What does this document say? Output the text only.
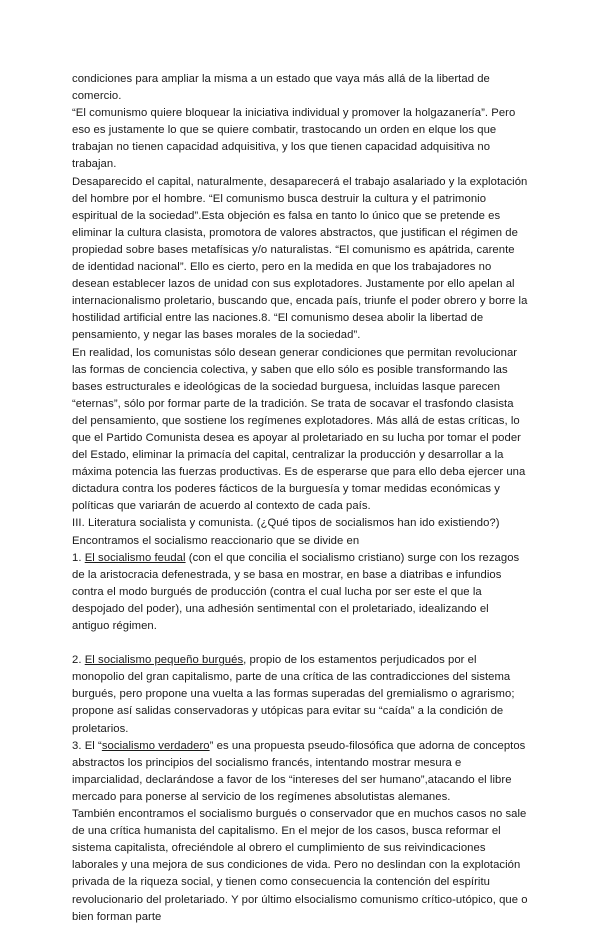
condiciones para ampliar la misma a un estado que vaya más allá de la libertad de comercio.

“El comunismo quiere bloquear la iniciativa individual y promover la holgazanería”. Pero eso es justamente lo que se quiere combatir, trastocando un orden en elque los que trabajan no tienen capacidad adquisitiva, y los que tienen capacidad adquisitiva no trabajan.

Desaparecido el capital, naturalmente, desaparecerá el trabajo asalariado y la explotación del hombre por el hombre. “El comunismo busca destruir la cultura y el patrimonio espiritual de la sociedad”.Esta objeción es falsa en tanto lo único que se pretende es eliminar la cultura clasista, promotora de valores abstractos, que justifican el régimen de propiedad sobre bases metafísicas y/o naturalistas. “El comunismo es apátrida, carente de identidad nacional”. Ello es cierto, pero en la medida en que los trabajadores no desean establecer lazos de unidad con sus explotadores. Justamente por ello apelan al internacionalismo proletario, buscando que, encada país, triunfe el poder obrero y borre la hostilidad artificial entre las naciones.8. “El comunismo desea abolir la libertad de pensamiento, y negar las bases morales de la sociedad”.

En realidad, los comunistas sólo desean generar condiciones que permitan revolucionar las formas de conciencia colectiva, y saben que ello sólo es posible transformando las bases estructurales e ideológicas de la sociedad burguesa, incluidas lasque parecen “eternas”, sólo por formar parte de la tradición. Se trata de socavar el trasfondo clasista del pensamiento, que sostiene los regímenes explotadores. Más allá de estas críticas, lo que el Partido Comunista desea es apoyar al proletariado en su lucha por tomar el poder del Estado, eliminar la primacía del capital, centralizar la producción y desarrollar a la máxima potencia las fuerzas productivas. Es de esperarse que para ello deba ejercer una dictadura contra los poderes fácticos de la burguesía y tomar medidas económicas y políticas que variarán de acuerdo al contexto de cada país.

III. Literatura socialista y comunista. (¿Qué tipos de socialismos han ido existiendo?)

Encontramos el socialismo reaccionario que se divide en

1. El socialismo feudal (con el que concilia el socialismo cristiano) surge con los rezagos de la aristocracia defenestrada, y se basa en mostrar, en base a diatribas e infundios contra el modo burgués de producción (contra el cual lucha por ser este el que la despojado del poder), una adhesión sentimental con el proletariado, idealizando el antiguo régimen.

2. El socialismo pequeño burgués, propio de los estamentos perjudicados por el monopolio del gran capitalismo, parte de una crítica de las contradicciones del sistema burgués, pero propone una vuelta a las formas superadas del gremialismo o agrarismo; propone así salidas conservadoras y utópicas para evitar su “caída” a la condición de proletarios.

3. El “socialismo verdadero” es una propuesta pseudo-filosófica que adorna de conceptos abstractos los principios del socialismo francés, intentando mostrar mesura e imparcialidad, declarándose a favor de los “intereses del ser humano”,atacando el libre mercado para ponerse al servicio de los regímenes absolutistas alemanes.

También encontramos el socialismo burgués o conservador que en muchos casos no sale de una crítica humanista del capitalismo. En el mejor de los casos, busca reformar el sistema capitalista, ofreciéndole al obrero el cumplimiento de sus reivindicaciones laborales y una mejora de sus condiciones de vida. Pero no deslindan con la explotación privada de la riqueza social, y tienen como consecuencia la contención del espíritu revolucionario del proletariado. Y por último elsocialismo comunismo crítico-utópico, que o bien forman parte
